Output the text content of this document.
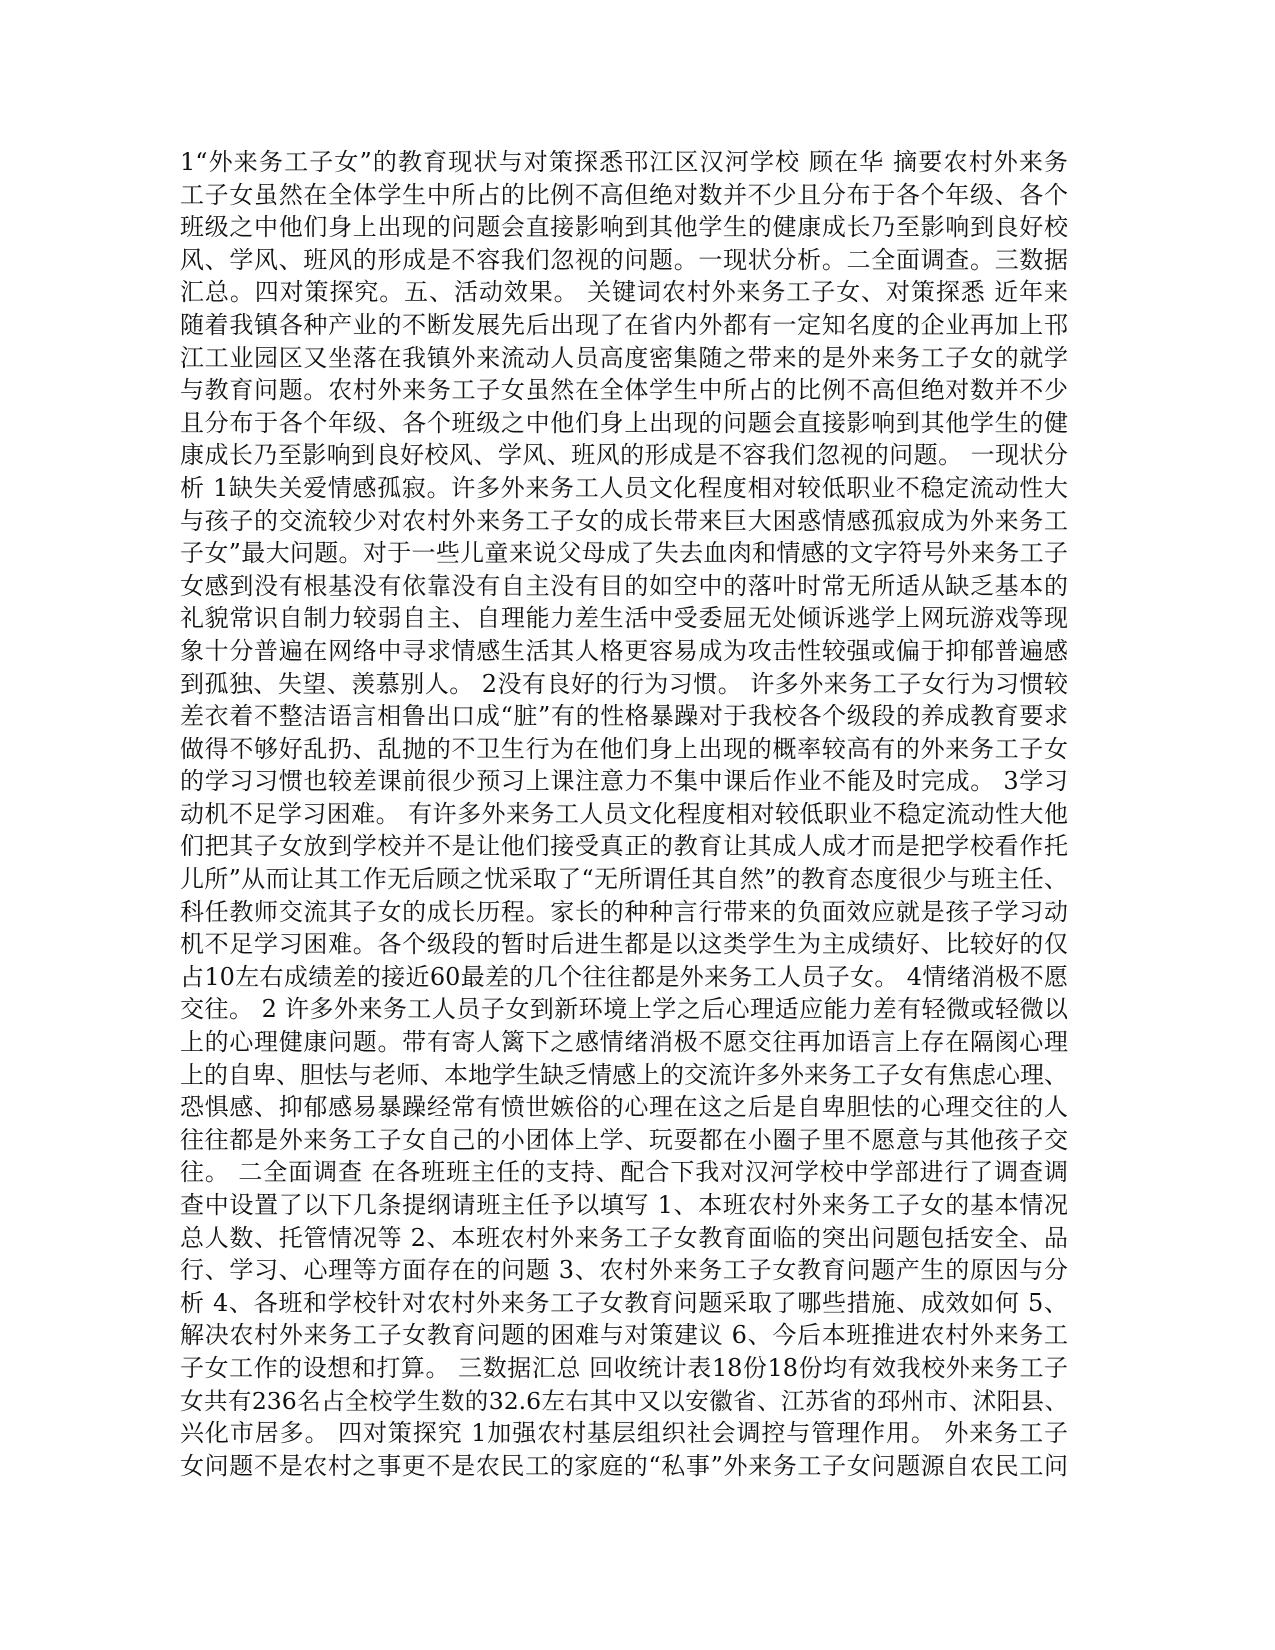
1“外来务工子女”的教育现状与对策探悉邗江区汉河学校 顾在华 摘要农村外来务
工子女虽然在全体学生中所占的比例不高但绝对数并不少且分布于各个年级、各个
班级之中他们身上出现的问题会直接影响到其他学生的健康成长乃至影响到良好校
风、学风、班风的形成是不容我们忽视的问题。一现状分析。二全面调查。三数据
汇总。四对策探究。五、活动效果。 关键词农村外来务工子女、对策探悉 近年来
随着我镇各种产业的不断发展先后出现了在省内外都有一定知名度的企业再加上邗
江工业园区又坐落在我镇外来流动人员高度密集随之带来的是外来务工子女的就学
与教育问题。农村外来务工子女虽然在全体学生中所占的比例不高但绝对数并不少
且分布于各个年级、各个班级之中他们身上出现的问题会直接影响到其他学生的健
康成长乃至影响到良好校风、学风、班风的形成是不容我们忽视的问题。 一现状分
析 1缺失关爱情感孤寂。许多外来务工人员文化程度相对较低职业不稳定流动性大
与孩子的交流较少对农村外来务工子女的成长带来巨大困惑情感孤寂成为外来务工
子女”最大问题。对于一些儿童来说父母成了失去血肉和情感的文字符号外来务工子
女感到没有根基没有依靠没有自主没有目的如空中的落叶时常无所适从缺乏基本的
礼貌常识自制力较弱自主、自理能力差生活中受委屈无处倾诉逃学上网玩游戏等现
象十分普遍在网络中寻求情感生活其人格更容易成为攻击性较强或偏于抑郁普遍感
到孤独、失望、羡慕别人。 2没有良好的行为习惯。 许多外来务工子女行为习惯较
差衣着不整洁语言相鲁出口成“脏”有的性格暴躁对于我校各个级段的养成教育要求
做得不够好乱扔、乱抛的不卫生行为在他们身上出现的概率较高有的外来务工子女
的学习习惯也较差课前很少预习上课注意力不集中课后作业不能及时完成。 3学习
动机不足学习困难。 有许多外来务工人员文化程度相对较低职业不稳定流动性大他
们把其子女放到学校并不是让他们接受真正的教育让其成人成才而是把学校看作托
儿所”从而让其工作无后顾之忧采取了“无所谓任其自然”的教育态度很少与班主任、
科任教师交流其子女的成长历程。家长的种种言行带来的负面效应就是孩子学习动
机不足学习困难。各个级段的暂时后进生都是以这类学生为主成绩好、比较好的仅
占10左右成绩差的接近60最差的几个往往都是外来务工人员子女。 4情绪消极不愿
交往。 2 许多外来务工人员子女到新环境上学之后心理适应能力差有轻微或轻微以
上的心理健康问题。带有寄人篱下之感情绪消极不愿交往再加语言上存在隔阂心理
上的自卑、胆怯与老师、本地学生缺乏情感上的交流许多外来务工子女有焦虑心理、
恐惧感、抑郁感易暴躁经常有愤世嫉俗的心理在这之后是自卑胆怯的心理交往的人
往往都是外来务工子女自己的小团体上学、玩耍都在小圈子里不愿意与其他孩子交
往。 二全面调查 在各班班主任的支持、配合下我对汉河学校中学部进行了调查调
查中设置了以下几条提纲请班主任予以填写 1、本班农村外来务工子女的基本情况
总人数、托管情况等 2、本班农村外来务工子女教育面临的突出问题包括安全、品
行、学习、心理等方面存在的问题 3、农村外来务工子女教育问题产生的原因与分
析 4、各班和学校针对农村外来务工子女教育问题采取了哪些措施、成效如何 5、
解决农村外来务工子女教育问题的困难与对策建议 6、今后本班推进农村外来务工
子女工作的设想和打算。 三数据汇总 回收统计表18份18份均有效我校外来务工子
女共有236名占全校学生数的32.6左右其中又以安徽省、江苏省的邳州市、沭阳县、
兴化市居多。 四对策探究 1加强农村基层组织社会调控与管理作用。 外来务工子
女问题不是农村之事更不是农民工的家庭的“私事”外来务工子女问题源自农民工问
